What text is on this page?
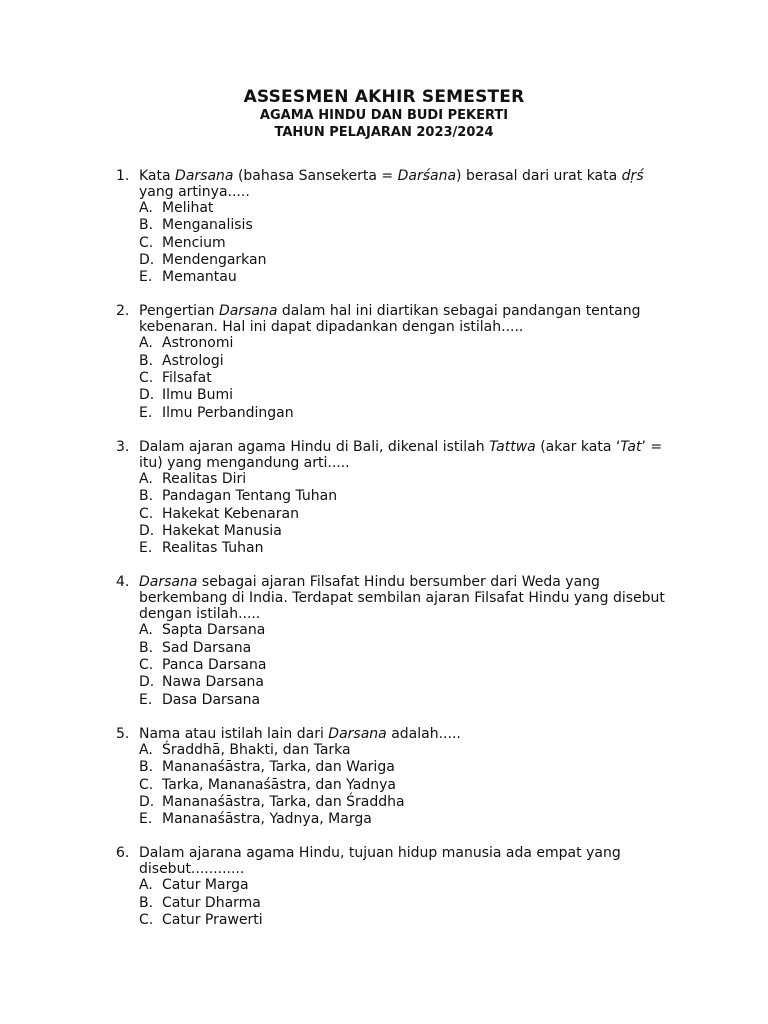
ASSESMEN AKHIR SEMESTER
AGAMA HINDU DAN BUDI PEKERTI
TAHUN PELAJARAN 2023/2024
1. Kata Darsana (bahasa Sansekerta = Darśana) berasal dari urat kata dṛś yang artinya.....
A. Melihat
B. Menganalisis
C. Mencium
D. Mendengarkan
E. Memantau
2. Pengertian Darsana dalam hal ini diartikan sebagai pandangan tentang kebenaran. Hal ini dapat dipadankan dengan istilah.....
A. Astronomi
B. Astrologi
C. Filsafat
D. Ilmu Bumi
E. Ilmu Perbandingan
3. Dalam ajaran agama Hindu di Bali, dikenal istilah Tattwa (akar kata ‘Tat’ = itu) yang mengandung arti.....
A. Realitas Diri
B. Pandagan Tentang Tuhan
C. Hakekat Kebenaran
D. Hakekat Manusia
E. Realitas Tuhan
4. Darsana sebagai ajaran Filsafat Hindu bersumber dari Weda yang berkembang di India. Terdapat sembilan ajaran Filsafat Hindu yang disebut dengan istilah.....
A. Sapta Darsana
B. Sad Darsana
C. Panca Darsana
D. Nawa Darsana
E. Dasa Darsana
5. Nama atau istilah lain dari Darsana adalah.....
A. Śraddhā, Bhakti, dan Tarka
B. Mananaśāstra, Tarka, dan Wariga
C. Tarka, Mananaśāstra, dan Yadnya
D. Mananaśāstra, Tarka, dan Śraddha
E. Mananaśāstra, Yadnya, Marga
6. Dalam ajarana agama Hindu, tujuan hidup manusia ada empat yang disebut............
A. Catur Marga
B. Catur Dharma
C. Catur Prawerti
